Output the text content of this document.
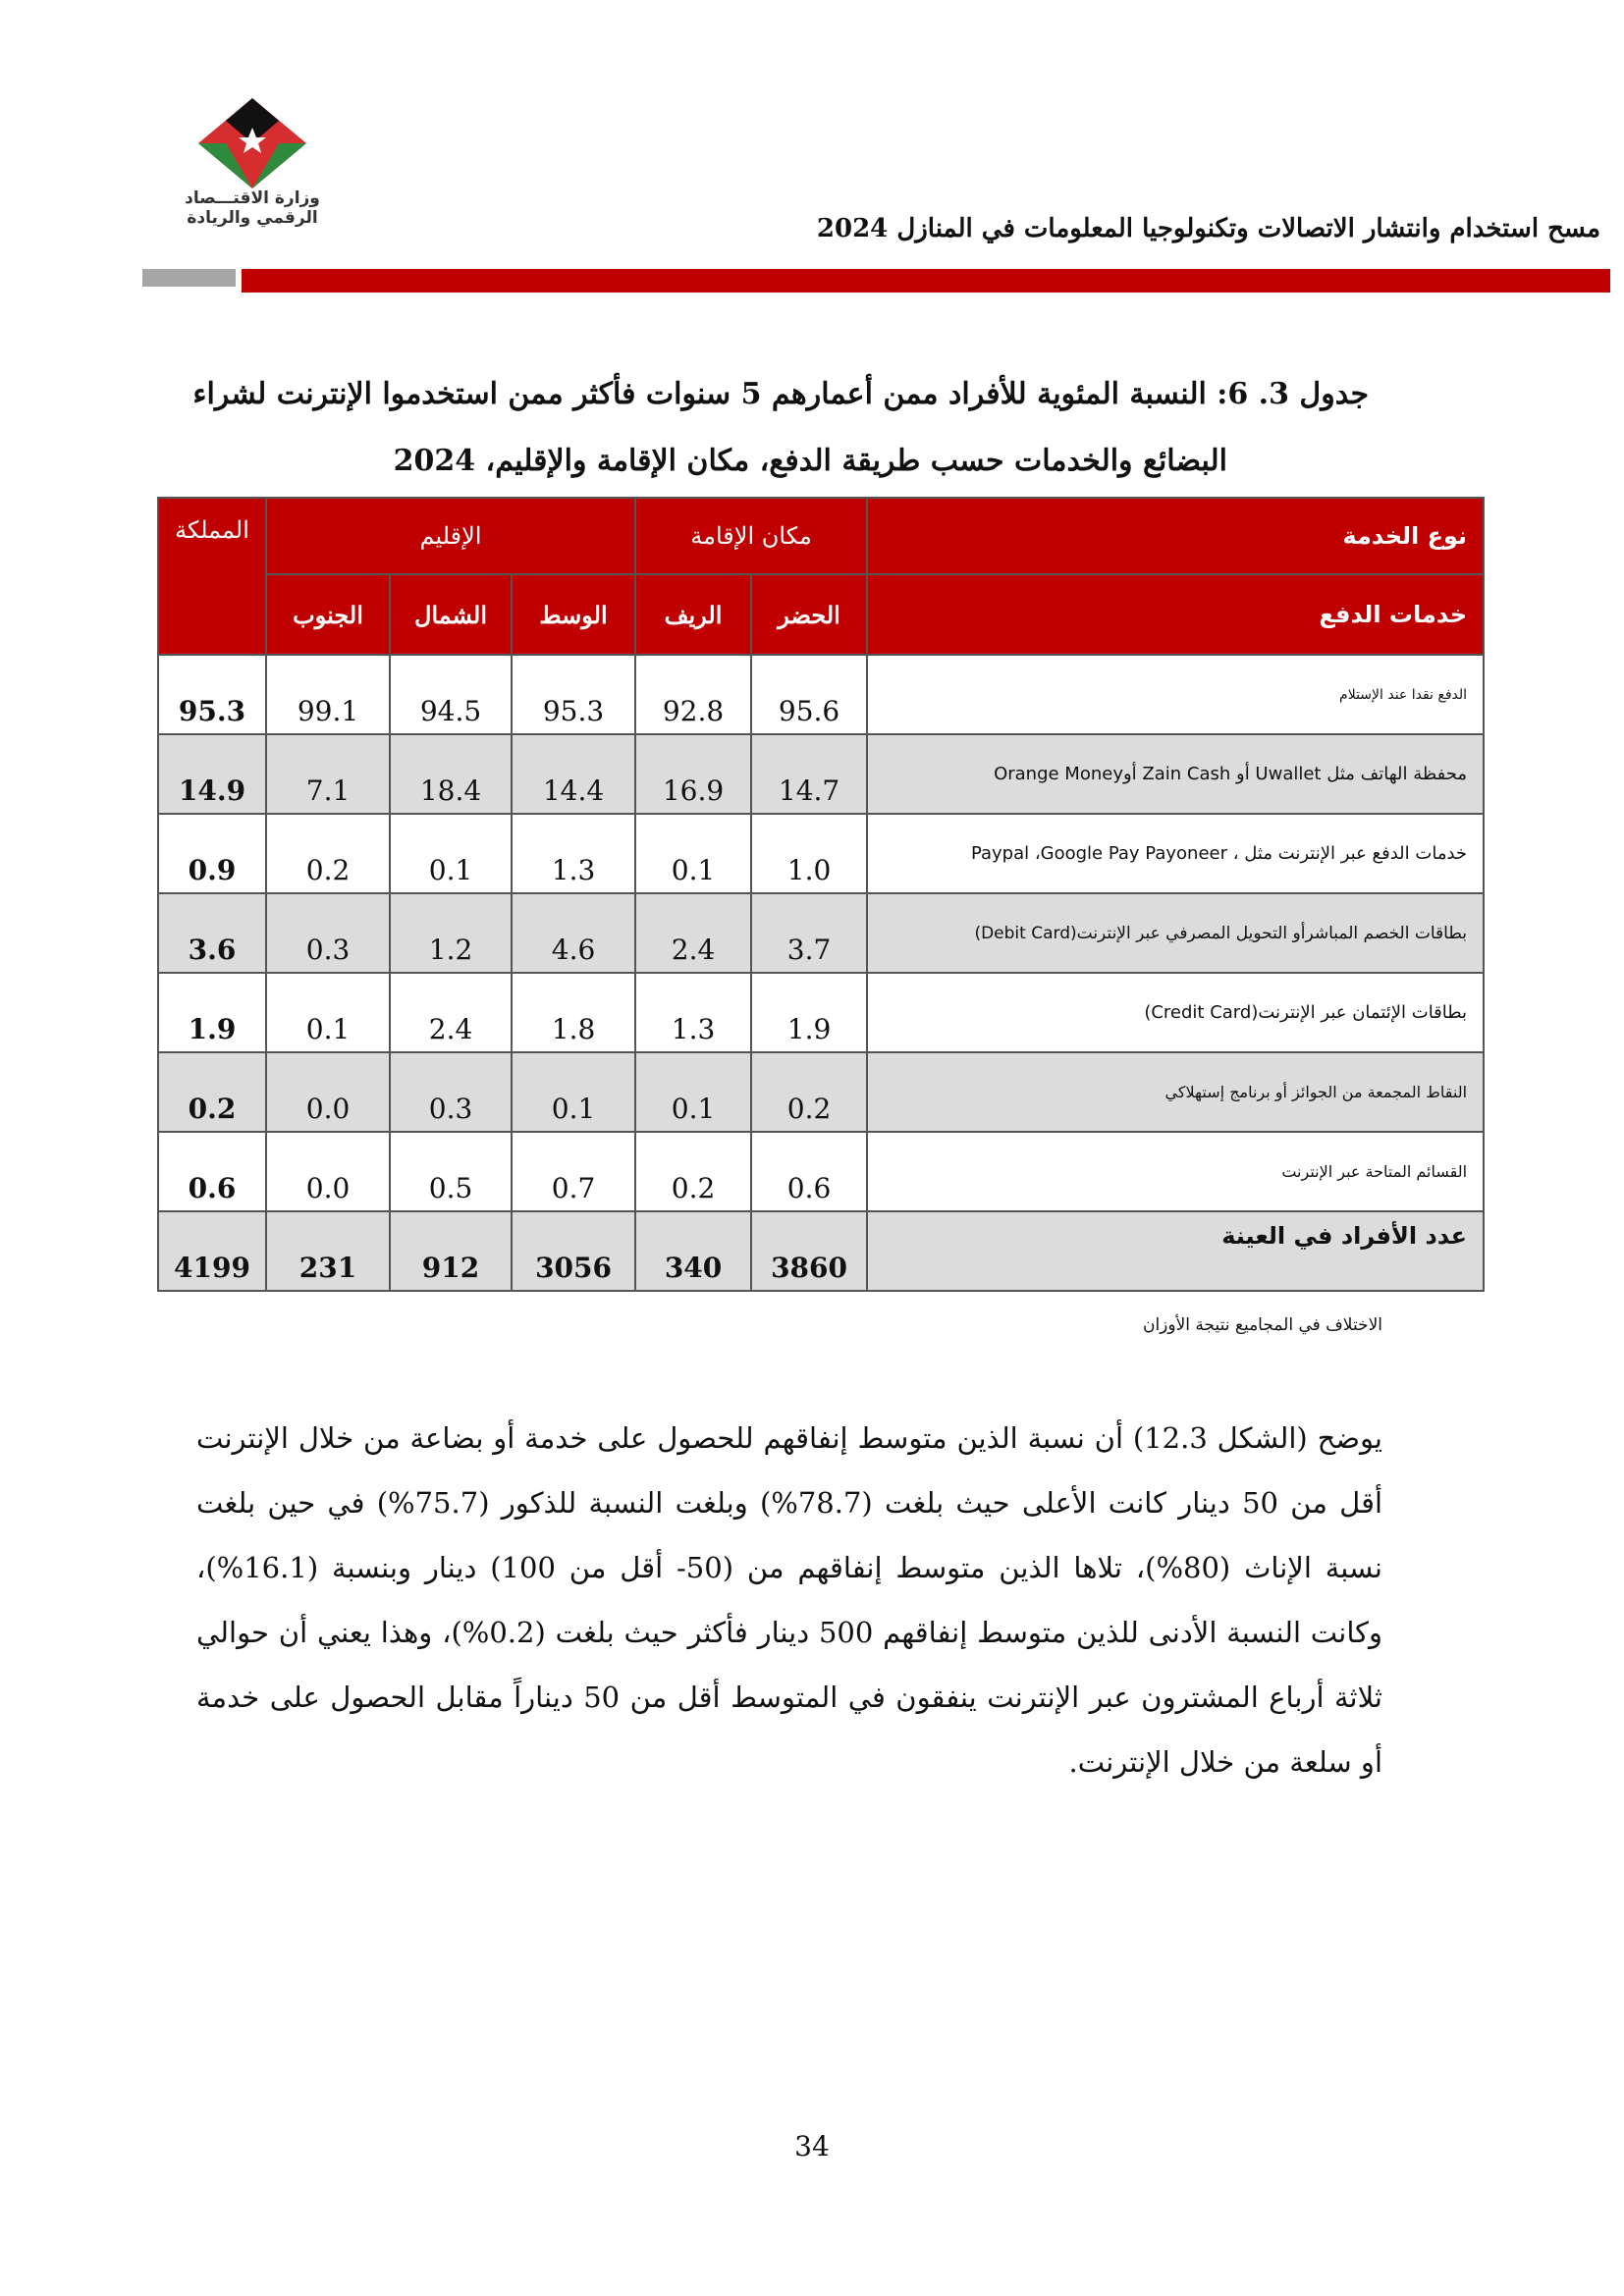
وزارة الاقتـــصاد
الرقمي والريادة	مسح استخدام وانتشار الاتصالات وتكنولوجيا المعلومات في المنازل 2024
جدول 3. 6: النسبة المئوية للأفراد ممن أعمارهم 5 سنوات فأكثر ممن استخدموا الإنترنت لشراء
البضائع والخدمات حسب طريقة الدفع، مكان الإقامة والإقليم، 2024
نوع الخدمة	مكان الإقامة		الإقليم			المملكة
خدمات الدفع	الحضر	الريف	الوسط	الشمال	الجنوب	
الدفع نقدا عند الإستلام	95.6	92.8	95.3	94.5	99.1	95.3
محفظة الهاتف مثل Uwallet أو Zain Cash أوOrange Money	14.7	16.9	14.4	18.4	7.1	14.9
خدمات الدفع عبر الإنترنت مثل ، Paypal ،Google Pay Payoneer	1.0	0.1	1.3	0.1	0.2	0.9
بطاقات الخصم المباشرأو التحويل المصرفي عبر الإنترنت(Debit Card)	3.7	2.4	4.6	1.2	0.3	3.6
بطاقات الإئتمان عبر الإنترنت(Credit Card)	1.9	1.3	1.8	2.4	0.1	1.9
النقاط المجمعة من الجوائز أو برنامج إستهلاكي	0.2	0.1	0.1	0.3	0.0	0.2
القسائم المتاحة عبر الإنترنت	0.6	0.2	0.7	0.5	0.0	0.6
عدد الأفراد في العينة	3860	340	3056	912	231	4199
الاختلاف في المجاميع نتيجة الأوزان
يوضح (الشكل 12.3) أن نسبة الذين متوسط إنفاقهم للحصول على خدمة أو بضاعة من خلال الإنترنت أقل من 50 دينار كانت الأعلى حيث بلغت (78.7%) وبلغت النسبة للذكور (75.7%) في حين بلغت نسبة الإناث (80%)، تلاها الذين متوسط إنفاقهم من (50- أقل من 100) دينار وبنسبة (16.1%)، وكانت النسبة الأدنى للذين متوسط إنفاقهم 500 دينار فأكثر حيث بلغت (0.2%)، وهذا يعني أن حوالي ثلاثة أرباع المشترون عبر الإنترنت ينفقون في المتوسط أقل من 50 ديناراً مقابل الحصول على خدمة أو سلعة من خلال الإنترنت.
34
